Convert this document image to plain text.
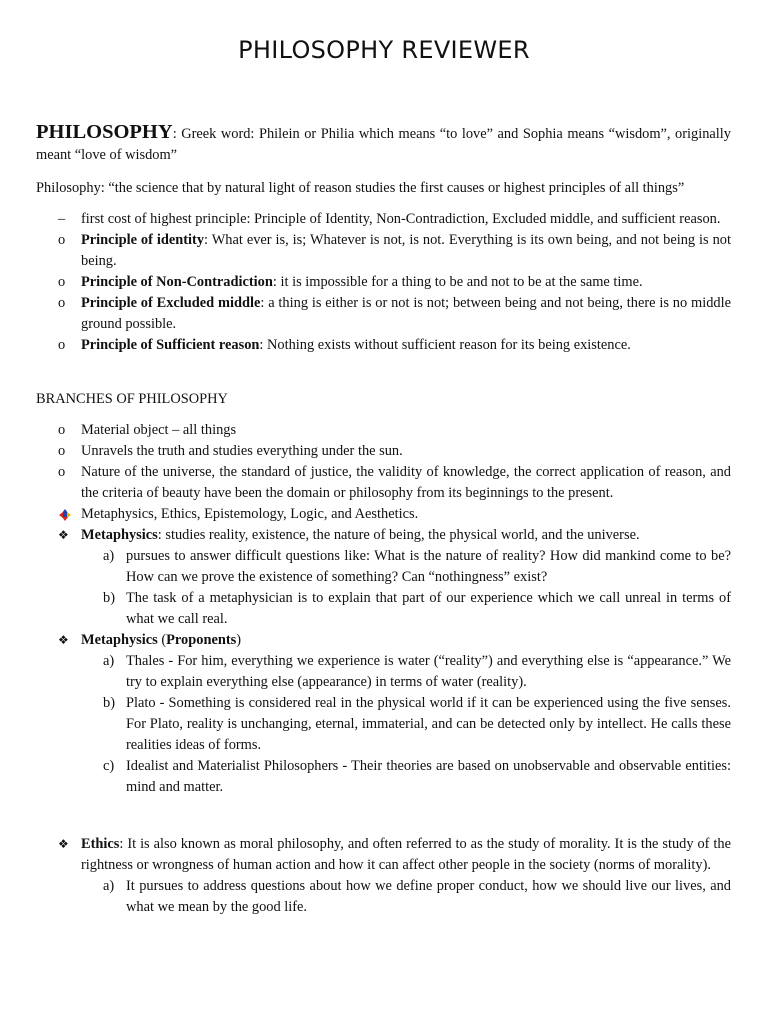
PHILOSOPHY REVIEWER

PHILOSOPHY: Greek word: Philein or Philia which means “to love” and Sophia means “wisdom”, originally meant “love of wisdom”

Philosophy: “the science that by natural light of reason studies the first causes or highest principles of all things”

– first cost of highest principle: Principle of Identity, Non-Contradiction, Excluded middle, and sufficient reason.
o Principle of identity: What ever is, is; Whatever is not, is not. Everything is its own being, and not being is not being.
o Principle of Non-Contradiction: it is impossible for a thing to be and not to be at the same time.
o Principle of Excluded middle: a thing is either is or not is not; between being and not being, there is no middle ground possible.
o Principle of Sufficient reason: Nothing exists without sufficient reason for its being existence.
BRANCHES OF PHILOSOPHY
o Material object – all things
o Unravels the truth and studies everything under the sun.
o Nature of the universe, the standard of justice, the validity of knowledge, the correct application of reason, and the criteria of beauty have been the domain or philosophy from its beginnings to the present.
Metaphysics, Ethics, Epistemology, Logic, and Aesthetics.
❖ Metaphysics: studies reality, existence, the nature of being, the physical world, and the universe.
a) pursues to answer difficult questions like: What is the nature of reality? How did mankind come to be? How can we prove the existence of something? Can “nothingness” exist?
b) The task of a metaphysician is to explain that part of our experience which we call unreal in terms of what we call real.
❖ Metaphysics (Proponents)
a) Thales - For him, everything we experience is water (“reality”) and everything else is “appearance.” We try to explain everything else (appearance) in terms of water (reality).
b) Plato - Something is considered real in the physical world if it can be experienced using the five senses. For Plato, reality is unchanging, eternal, immaterial, and can be detected only by intellect. He calls these realities ideas of forms.
c) Idealist and Materialist Philosophers - Their theories are based on unobservable and observable entities: mind and matter.
❖ Ethics: It is also known as moral philosophy, and often referred to as the study of morality. It is the study of the rightness or wrongness of human action and how it can affect other people in the society (norms of morality).
a) It pursues to address questions about how we define proper conduct, how we should live our lives, and what we mean by the good life.
